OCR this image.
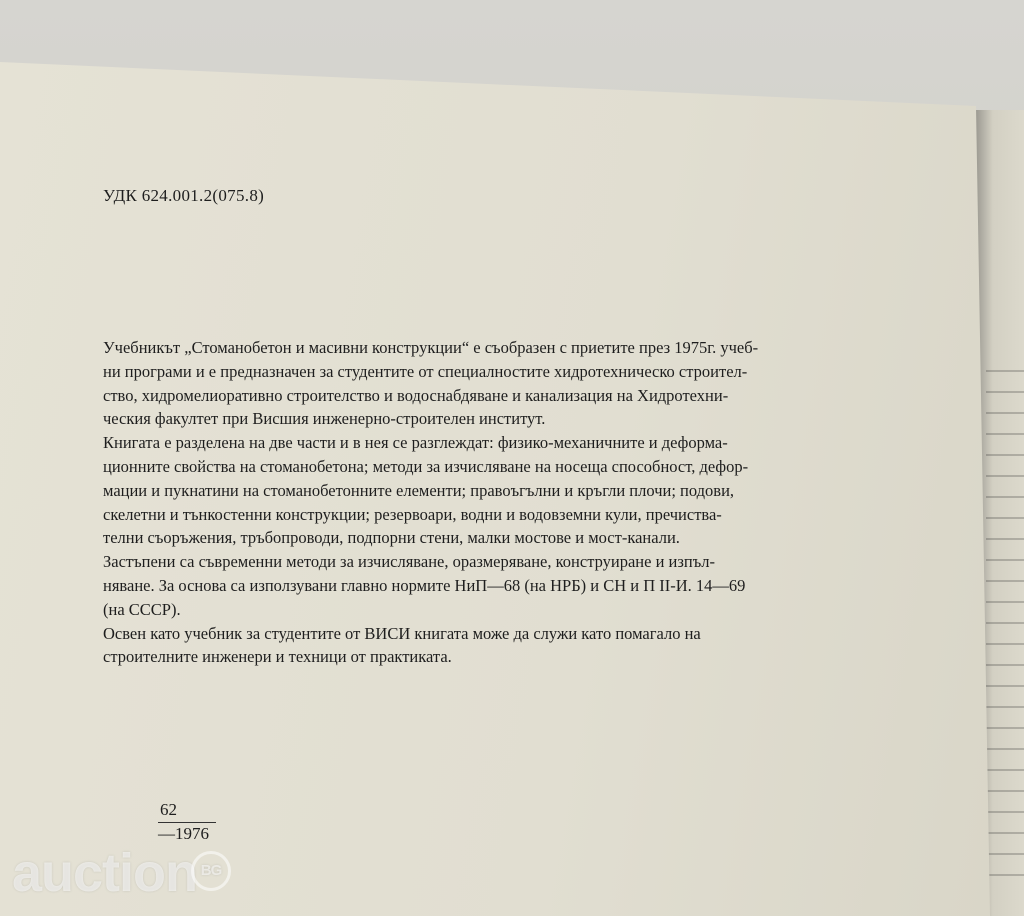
УДК 624.001.2(075.8)
Учебникът „Стоманобетон и масивни конструкции“ е съобразен с приетите през 1975г. учеб-
ни програми и е предназначен за студентите от специалностите хидротехническо строител-
ство, хидромелиоративно строителство и водоснабдяване и канализация на Хидротехни-
ческия факултет при Висшия инженерно-строителен институт.
Книгата е разделена на две части и в нея се разглеждат: физико-механичните и деформа-
ционните свойства на стоманобетона; методи за изчисляване на носеща способност, дефор-
мации и пукнатини на стоманобетонните елементи; правоъгълни и кръгли плочи; подови,
скелетни и тънкостенни конструкции; резервоари, водни и водовземни кули, пречиства-
телни съоръжения, тръбопроводи, подпорни стени, малки мостове и мост-канали.
Застъпени са съвременни методи за изчисляване, оразмеряване, конструиране и изпъл-
няване. За основа са използувани главно нормите НиП—68 (на НРБ) и СН и П II-И. 14—69
(на СССР).
Освен като учебник за студентите от ВИСИ книгата може да служи като помагало на
строителните инженери и техници от практиката.
62
—1976
auction BG
